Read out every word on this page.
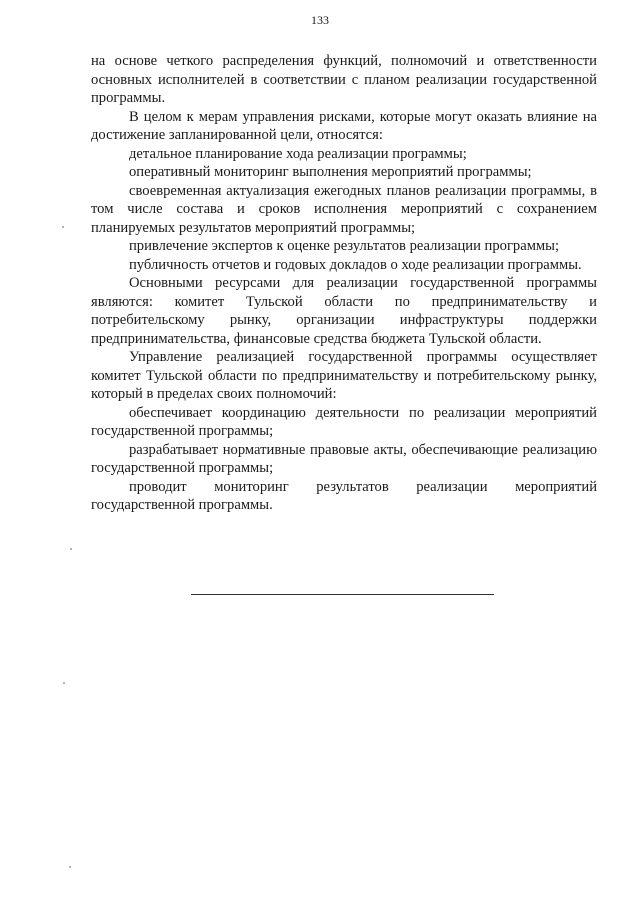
133

на основе четкого распределения функций, полномочий и ответственности основных исполнителей в соответствии с планом реализации государственной программы.

В целом к мерам управления рисками, которые могут оказать влияние на достижение запланированной цели, относятся:

детальное планирование хода реализации программы;

оперативный мониторинг выполнения мероприятий программы;

своевременная актуализация ежегодных планов реализации программы, в том числе состава и сроков исполнения мероприятий с сохранением планируемых результатов мероприятий программы;

привлечение экспертов к оценке результатов реализации программы;

публичность отчетов и годовых докладов о ходе реализации программы.

Основными ресурсами для реализации государственной программы являются: комитет Тульской области по предпринимательству и потребительскому рынку, организации инфраструктуры поддержки предпринимательства, финансовые средства бюджета Тульской области.

Управление реализацией государственной программы осуществляет комитет Тульской области по предпринимательству и потребительскому рынку, который в пределах своих полномочий:

обеспечивает координацию деятельности по реализации мероприятий государственной программы;

разрабатывает нормативные правовые акты, обеспечивающие реализацию государственной программы;

проводит мониторинг результатов реализации мероприятий государственной программы.
